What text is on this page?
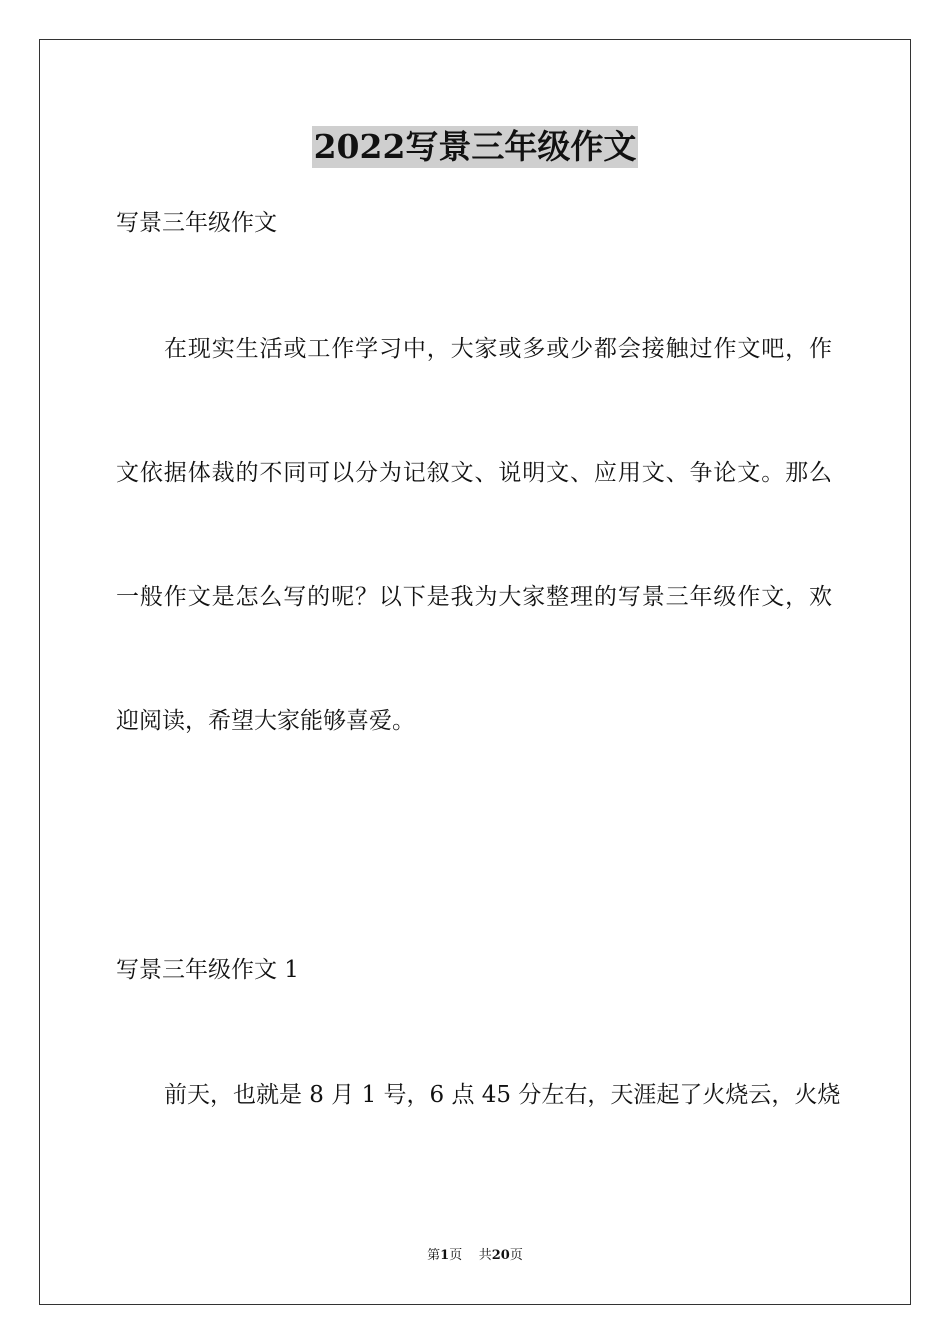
2022写景三年级作文
写景三年级作文
在现实生活或工作学习中，大家或多或少都会接触过作文吧，作
文依据体裁的不同可以分为记叙文、说明文、应用文、争论文。那么
一般作文是怎么写的呢？以下是我为大家整理的写景三年级作文，欢
迎阅读，希望大家能够喜爱。
写景三年级作文 1
前天，也就是 8 月 1 号，6 点 45 分左右，天涯起了火烧云，火烧
第1页    共20页
